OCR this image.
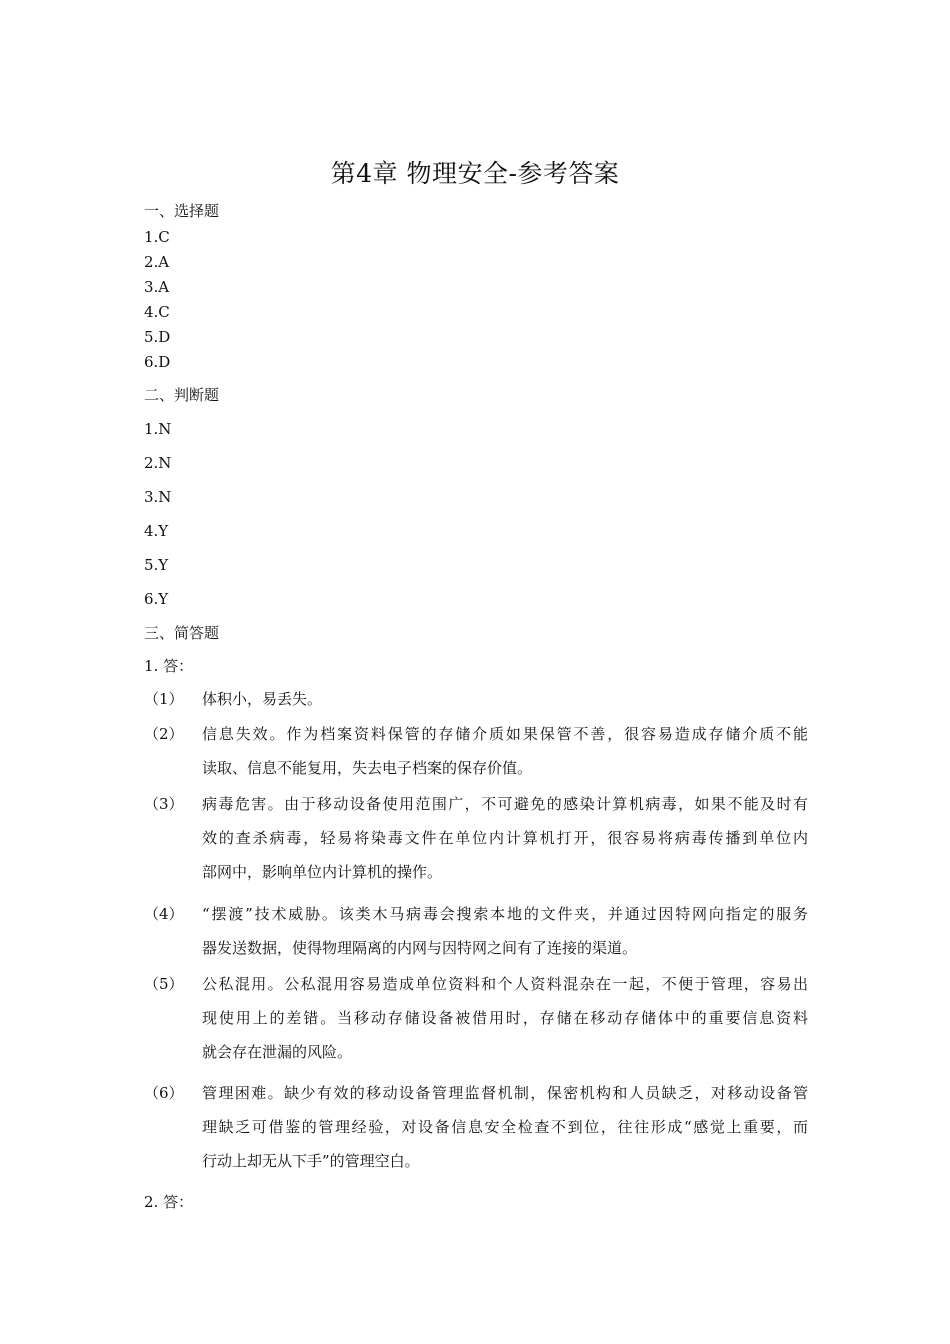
第4章 物理安全-参考答案
一、选择题
1.C
2.A
3.A
4.C
5.D
6.D
二、判断题
1.N
2.N
3.N
4.Y
5.Y
6.Y
三、简答题
1. 答：
（1） 体积小，易丢失。
（2） 信息失效。作为档案资料保管的存储介质如果保管不善，很容易造成存储介质不能
读取、信息不能复用，失去电子档案的保存价值。
（3） 病毒危害。由于移动设备使用范围广，不可避免的感染计算机病毒，如果不能及时有
效的查杀病毒，轻易将染毒文件在单位内计算机打开，很容易将病毒传播到单位内
部网中，影响单位内计算机的操作。
（4） “摆渡”技术威胁。该类木马病毒会搜索本地的文件夹，并通过因特网向指定的服务
器发送数据，使得物理隔离的内网与因特网之间有了连接的渠道。
（5） 公私混用。公私混用容易造成单位资料和个人资料混杂在一起，不便于管理，容易出
现使用上的差错。当移动存储设备被借用时，存储在移动存储体中的重要信息资料
就会存在泄漏的风险。
（6） 管理困难。缺少有效的移动设备管理监督机制，保密机构和人员缺乏，对移动设备管
理缺乏可借鉴的管理经验，对设备信息安全检查不到位，往往形成“感觉上重要，而
行动上却无从下手”的管理空白。
2. 答：
